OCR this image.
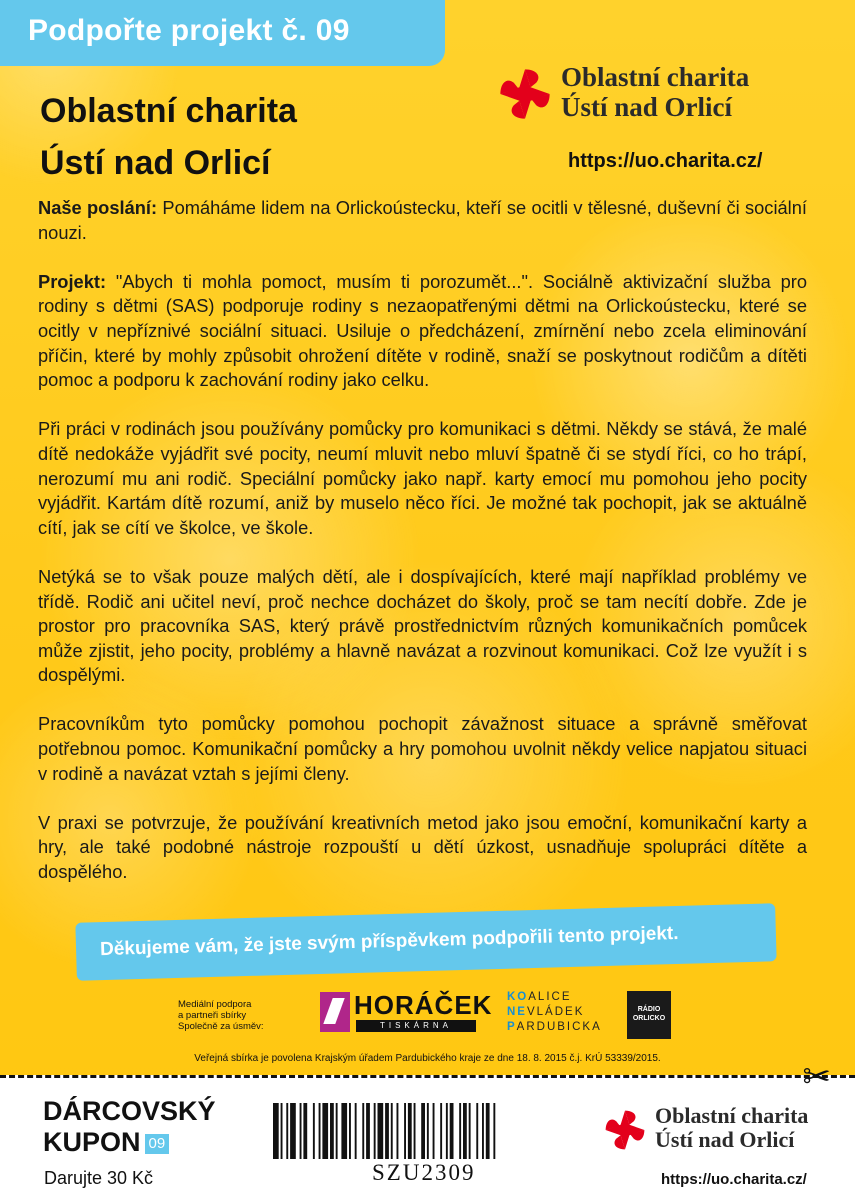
Podpořte projekt č. 09
Oblastní charita
Ústí nad Orlicí
Oblastní charita
Ústí nad Orlicí
https://uo.charita.cz/

Naše poslání: Pomáháme lidem na Orlickoústecku, kteří se ocitli v tělesné, duševní či sociální nouzi.

Projekt: "Abych ti mohla pomoct, musím ti porozumět...". Sociálně aktivizační služba pro rodiny s dětmi (SAS) podporuje rodiny s nezaopatřenými dětmi na Orlickoústecku, které se ocitly v nepříznivé sociální situaci. Usiluje o předcházení, zmírnění nebo zcela eliminování příčin, které by mohly způsobit ohrožení dítěte v rodině, snaží se poskytnout rodičům a dítěti pomoc a podporu k zachování rodiny jako celku.

Při práci v rodinách jsou používány pomůcky pro komunikaci s dětmi. Někdy se stává, že malé dítě nedokáže vyjádřit své pocity, neumí mluvit nebo mluví špatně či se stydí říci, co ho trápí, nerozumí mu ani rodič. Speciální pomůcky jako např. karty emocí mu pomohou jeho pocity vyjádřit. Kartám dítě rozumí, aniž by muselo něco říci. Je možné tak pochopit, jak se aktuálně cítí, jak se cítí ve školce, ve škole.

Netýká se to však pouze malých dětí, ale i dospívajících, které mají například problémy ve třídě. Rodič ani učitel neví, proč nechce docházet do školy, proč se tam necítí dobře. Zde je prostor pro pracovníka SAS, který právě prostřednictvím různých komunikačních pomůcek může zjistit, jeho pocity, problémy a hlavně navázat a rozvinout komunikaci. Což lze využít i s dospělými.

Pracovníkům tyto pomůcky pomohou pochopit závažnost situace a správně směřovat potřebnou pomoc. Komunikační pomůcky a hry pomohou uvolnit někdy velice napjatou situaci v rodině a navázat vztah s jejími členy.

V praxi se potvrzuje, že používání kreativních metod jako jsou emoční, komunikační karty a hry, ale také podobné nástroje rozpouští u dětí úzkost, usnadňuje spolupráci dítěte a dospělého.

Děkujeme vám, že jste svým příspěvkem podpořili tento projekt.
Mediální podpora
a partneři sbírky
Společně za úsměv:
HORÁČEK
TISKÁRNA
KOALICE
NEVLÁDEK
PARDUBICKA
RÁDIO
ORLICKO
Veřejná sbírka je povolena Krajským úřadem Pardubického kraje ze dne 18. 8. 2015 č.j. KrÚ 53339/2015.	✂
DÁRCOVSKÝ
KUPON 09
Darujte 30 Kč	SZU2309
Oblastní charita
Ústí nad Orlicí
https://uo.charita.cz/
